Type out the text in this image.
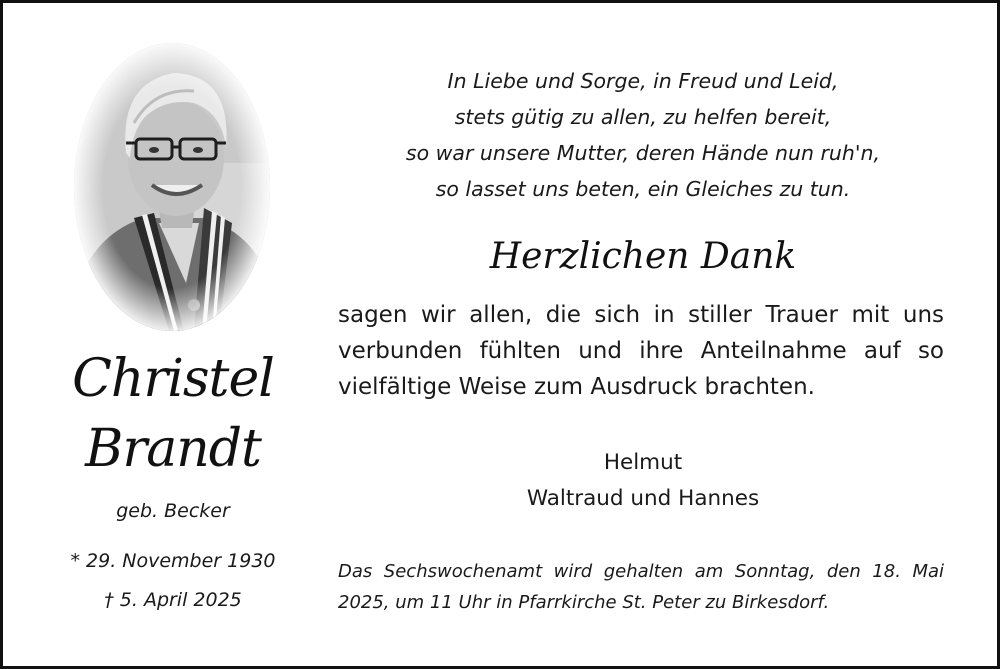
Christel
Brandt
geb. Becker
* 29. November 1930
† 5. April 2025
In Liebe und Sorge, in Freud und Leid,
stets gütig zu allen, zu helfen bereit,
so war unsere Mutter, deren Hände nun ruh'n,
so lasset uns beten, ein Gleiches zu tun.
Herzlichen Dank
sagen wir allen, die sich in stiller Trauer mit uns verbunden fühlten und ihre Anteilnahme auf so vielfältige Weise zum Ausdruck brachten.
Helmut
Waltraud und Hannes
Das Sechswochenamt wird gehalten am Sonntag, den 18. Mai 2025, um 11 Uhr in Pfarrkirche St. Peter zu Birkesdorf.
